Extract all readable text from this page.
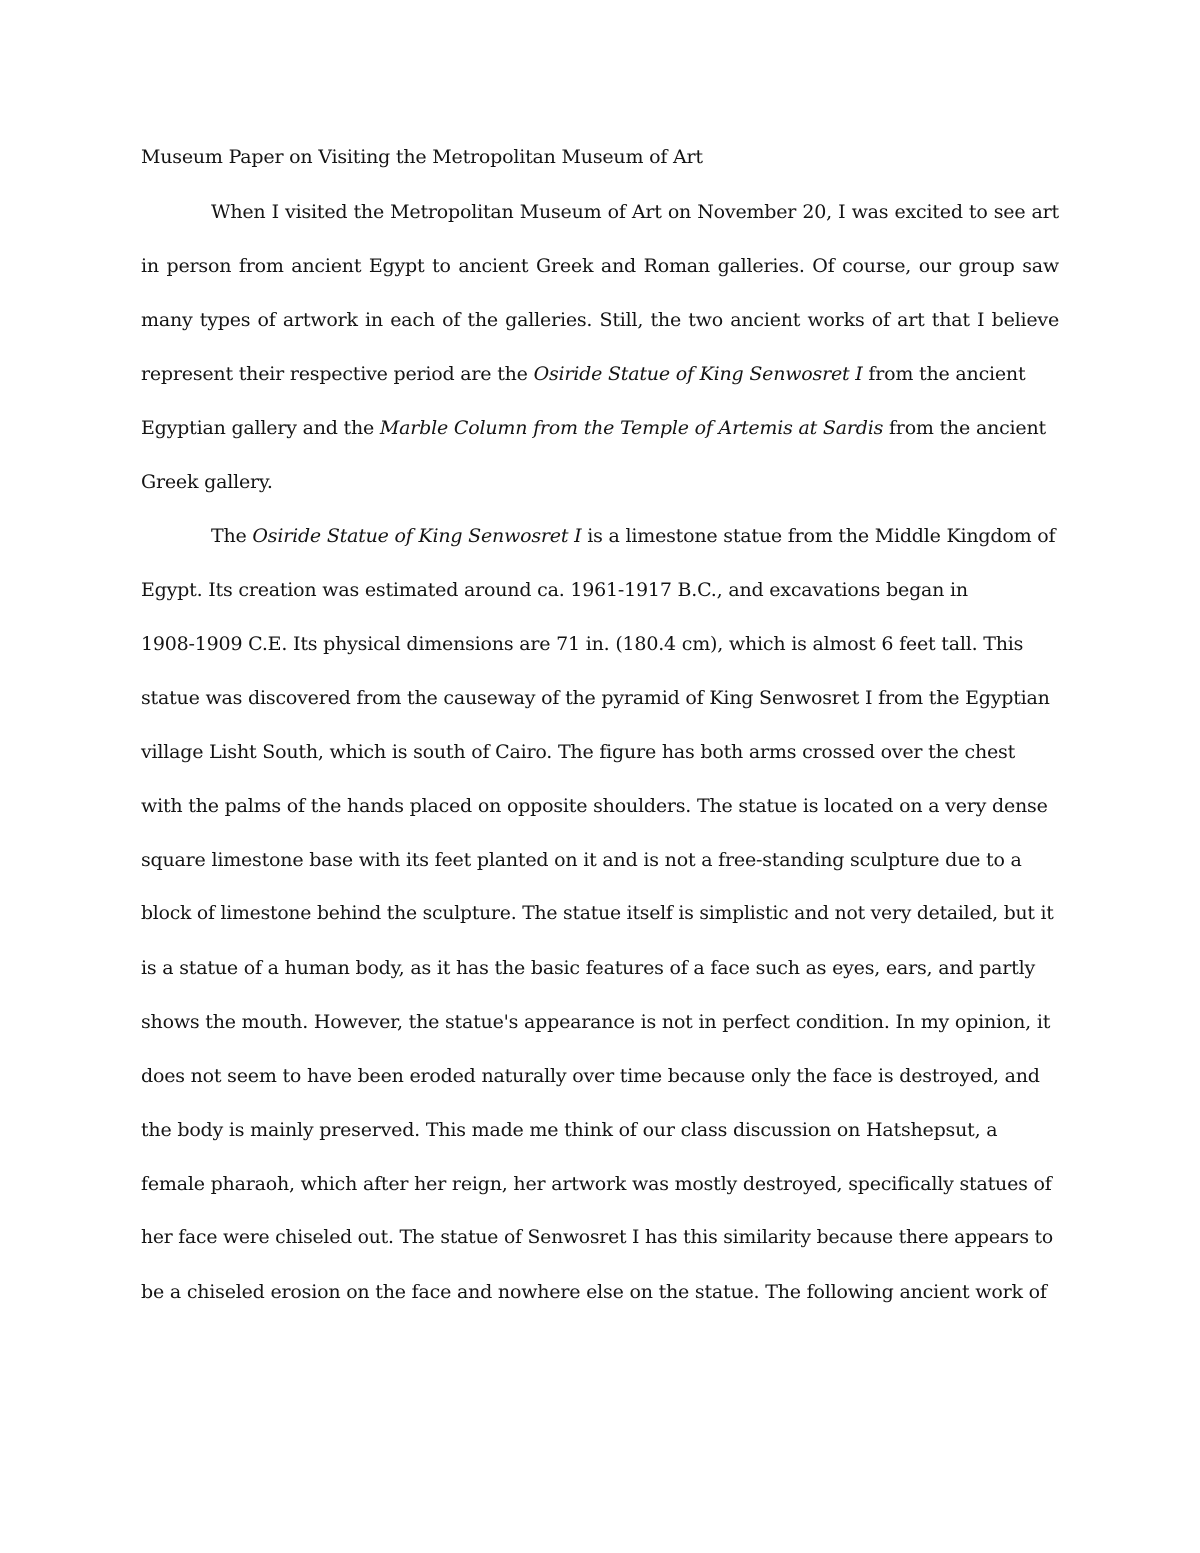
Museum Paper on Visiting the Metropolitan Museum of Art
When I visited the Metropolitan Museum of Art on November 20, I was excited to see art
in person from ancient Egypt to ancient Greek and Roman galleries. Of course, our group saw
many types of artwork in each of the galleries. Still, the two ancient works of art that I believe
represent their respective period are the Osiride Statue of King Senwosret I from the ancient
Egyptian gallery and the Marble Column from the Temple of Artemis at Sardis from the ancient
Greek gallery.
The Osiride Statue of King Senwosret I is a limestone statue from the Middle Kingdom of
Egypt. Its creation was estimated around ca. 1961-1917 B.C., and excavations began in
1908-1909 C.E. Its physical dimensions are 71 in. (180.4 cm), which is almost 6 feet tall. This
statue was discovered from the causeway of the pyramid of King Senwosret I from the Egyptian
village Lisht South, which is south of Cairo. The figure has both arms crossed over the chest
with the palms of the hands placed on opposite shoulders. The statue is located on a very dense
square limestone base with its feet planted on it and is not a free-standing sculpture due to a
block of limestone behind the sculpture. The statue itself is simplistic and not very detailed, but it
is a statue of a human body, as it has the basic features of a face such as eyes, ears, and partly
shows the mouth. However, the statue's appearance is not in perfect condition. In my opinion, it
does not seem to have been eroded naturally over time because only the face is destroyed, and
the body is mainly preserved. This made me think of our class discussion on Hatshepsut, a
female pharaoh, which after her reign, her artwork was mostly destroyed, specifically statues of
her face were chiseled out. The statue of Senwosret I has this similarity because there appears to
be a chiseled erosion on the face and nowhere else on the statue. The following ancient work of
